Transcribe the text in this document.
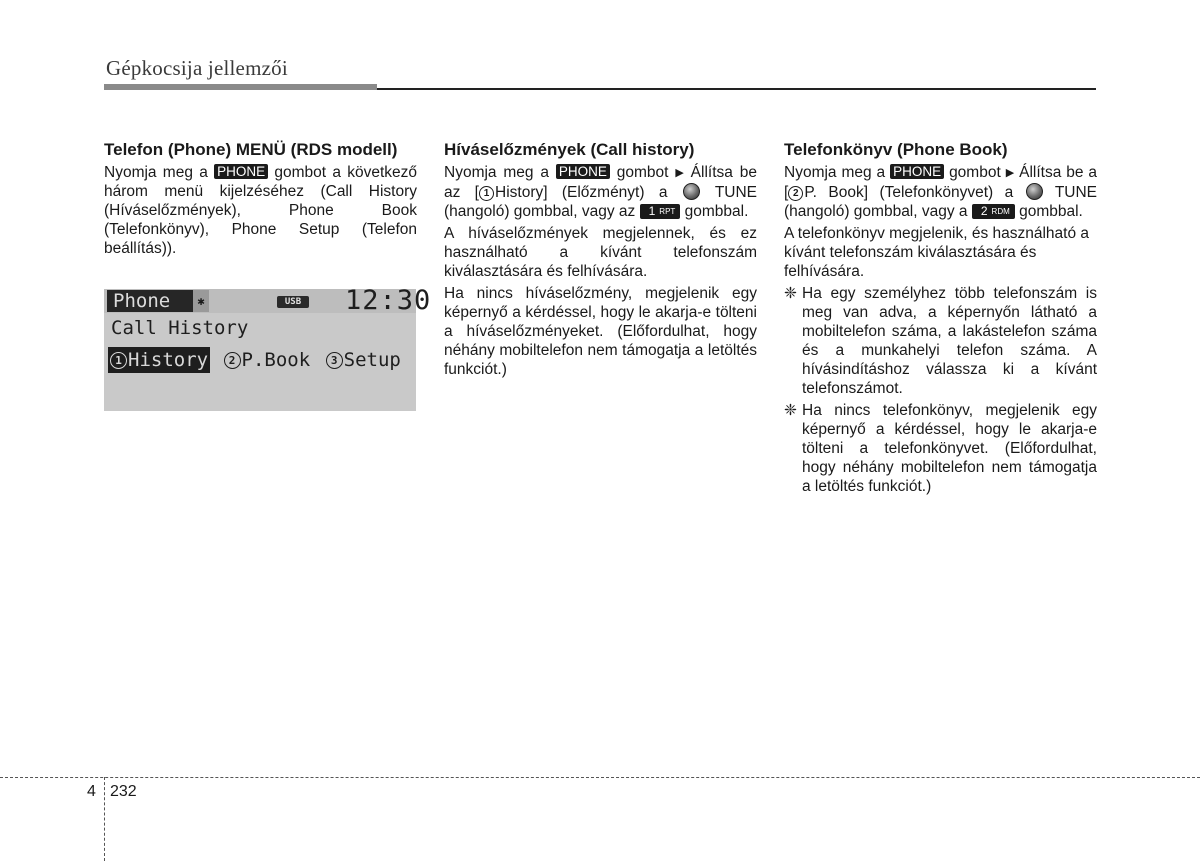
Gépkocsija jellemzői
Telefon (Phone) MENÜ (RDS modell)

Nyomja meg a PHONE gombot a következő három menü kijelzéséhez (Call History (Híváselőzmények), Phone Book (Telefonkönyv), Phone Setup (Telefon beállítás)).

Phone	✱	USB 12:30
Call History
1 History 2 P.Book 3 Setup
Híváselőzmények (Call history)

Nyomja meg a PHONE gombot ▶ Állítsa be az [ 1 History] (Előzményt) a	TUNE (hangoló) gombbal, vagy az 1 RPT gombbal.

A híváselőzmények megjelennek, és ez használható a kívánt telefonszám kiválasztására és felhívására.

Ha nincs híváselőzmény, megjelenik egy képernyő a kérdéssel, hogy le akarja-e tölteni a híváselőzményeket. (Előfordulhat, hogy néhány mobiltelefon nem támogatja a letöltés funkciót.)

Telefonkönyv (Phone Book)

Nyomja meg a PHONE gombot ▶ Állítsa be a [ 2 P. Book] (Telefonkönyvet) a	TUNE (hangoló) gombbal, vagy a 2 RDM gombbal.

A telefonkönyv megjelenik, és használható a kívánt telefonszám kiválasztására és felhívására.

❈ Ha egy személyhez több telefonszám is meg van adva, a képernyőn látható a mobiltelefon száma, a lakástelefon száma és a munkahelyi telefon száma. A hívásindításhoz válassza ki a kívánt telefonszámot.

❈ Ha nincs telefonkönyv, megjelenik egy képernyő a kérdéssel, hogy le akarja-e tölteni a telefonkönyvet. (Előfordulhat, hogy néhány mobiltelefon nem támogatja a letöltés funkciót.)

4 232
